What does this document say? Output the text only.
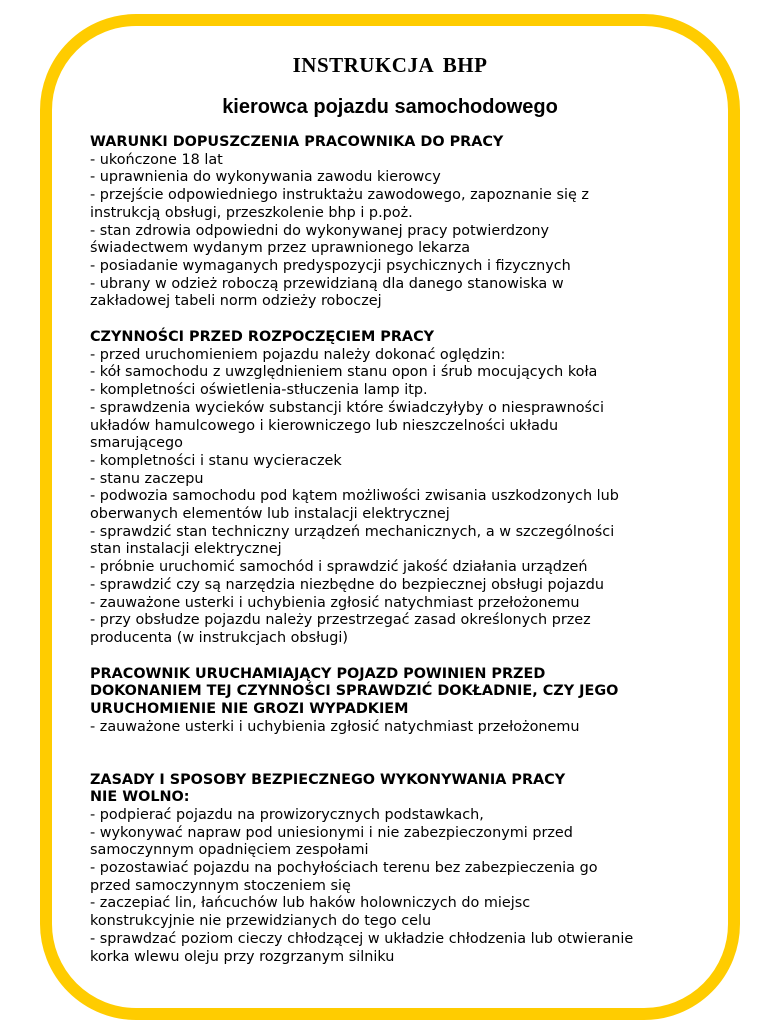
INSTRUKCJA BHP
kierowca pojazdu samochodowego
WARUNKI DOPUSZCZENIA PRACOWNIKA DO PRACY
- ukończone 18 lat
- uprawnienia do wykonywania zawodu kierowcy
- przejście odpowiedniego instruktażu zawodowego, zapoznanie się z
instrukcją obsługi, przeszkolenie bhp i p.poż.
- stan zdrowia odpowiedni do wykonywanej pracy potwierdzony
świadectwem wydanym przez uprawnionego lekarza
- posiadanie wymaganych predyspozycji psychicznych i fizycznych
- ubrany w odzież roboczą przewidzianą dla danego stanowiska w
zakładowej tabeli norm odzieży roboczej
CZYNNOŚCI PRZED ROZPOCZĘCIEM PRACY
- przed uruchomieniem pojazdu należy dokonać oględzin:
- kół samochodu z uwzględnieniem stanu opon i śrub mocujących koła
- kompletności oświetlenia-stłuczenia lamp itp.
- sprawdzenia wycieków substancji które świadczyłyby o niesprawności
układów hamulcowego i kierowniczego lub nieszczelności układu
smarującego
- kompletności i stanu wycieraczek
- stanu zaczepu
- podwozia samochodu pod kątem możliwości zwisania uszkodzonych lub
oberwanych elementów lub instalacji elektrycznej
- sprawdzić stan techniczny urządzeń mechanicznych, a w szczególności
stan instalacji elektrycznej
- próbnie uruchomić samochód i sprawdzić jakość działania urządzeń
- sprawdzić czy są narzędzia niezbędne do bezpiecznej obsługi pojazdu
- zauważone usterki i uchybienia zgłosić natychmiast przełożonemu
- przy obsłudze pojazdu należy przestrzegać zasad określonych przez
producenta (w instrukcjach obsługi)
PRACOWNIK URUCHAMIAJĄCY POJAZD POWINIEN PRZED
DOKONANIEM TEJ CZYNNOŚCI SPRAWDZIĆ DOKŁADNIE, CZY JEGO
URUCHOMIENIE NIE GROZI WYPADKIEM
- zauważone usterki i uchybienia zgłosić natychmiast przełożonemu
ZASADY I SPOSOBY BEZPIECZNEGO WYKONYWANIA PRACY
NIE WOLNO:
- podpierać pojazdu na prowizorycznych podstawkach,
- wykonywać napraw pod uniesionymi i nie zabezpieczonymi przed
samoczynnym opadnięciem zespołami
- pozostawiać pojazdu na pochyłościach terenu bez zabezpieczenia go
przed samoczynnym stoczeniem się
- zaczepiać lin, łańcuchów lub haków holowniczych do miejsc
konstrukcyjnie nie przewidzianych do tego celu
- sprawdzać poziom cieczy chłodzącej w układzie chłodzenia lub otwieranie
korka wlewu oleju przy rozgrzanym silniku
